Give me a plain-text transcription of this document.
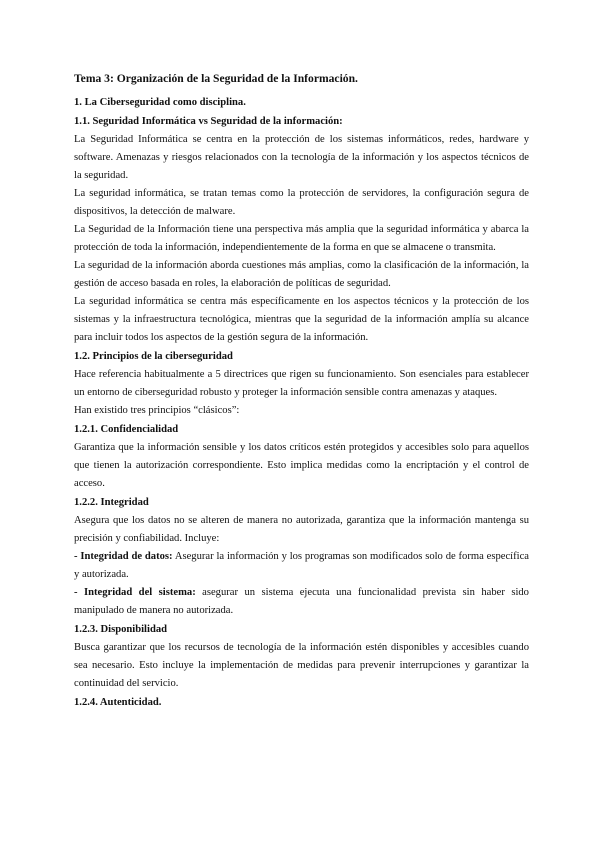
Tema 3: Organización de la Seguridad de la Información.
1. La Ciberseguridad como disciplina.
1.1. Seguridad Informática vs Seguridad de la información:
La Seguridad Informática se centra en la protección de los sistemas informáticos, redes, hardware y software. Amenazas y riesgos relacionados con la tecnología de la información y los aspectos técnicos de la seguridad.
La seguridad informática, se tratan temas como la protección de servidores, la configuración segura de dispositivos, la detección de malware.
La Seguridad de la Información tiene una perspectiva más amplia que la seguridad informática y abarca la protección de toda la información, independientemente de la forma en que se almacene o transmita.
La seguridad de la información aborda cuestiones más amplias, como la clasificación de la información, la gestión de acceso basada en roles, la elaboración de políticas de seguridad.
La seguridad informática se centra más específicamente en los aspectos técnicos y la protección de los sistemas y la infraestructura tecnológica, mientras que la seguridad de la información amplía su alcance para incluir todos los aspectos de la gestión segura de la información.
1.2. Principios de la ciberseguridad
Hace referencia habitualmente a 5 directrices que rigen su funcionamiento. Son esenciales para establecer un entorno de ciberseguridad robusto y proteger la información sensible contra amenazas y ataques.
Han existido tres principios “clásicos”:
1.2.1. Confidencialidad
Garantiza que la información sensible y los datos críticos estén protegidos y accesibles solo para aquellos que tienen la autorización correspondiente. Esto implica medidas como la encriptación y el control de acceso.
1.2.2. Integridad
Asegura que los datos no se alteren de manera no autorizada, garantiza que la información mantenga su precisión y confiabilidad. Incluye:
- Integridad de datos: Asegurar la información y los programas son modificados solo de forma específica y autorizada.
- Integridad del sistema: asegurar un sistema ejecuta una funcionalidad prevista sin haber sido manipulado de manera no autorizada.
1.2.3. Disponibilidad
Busca garantizar que los recursos de tecnología de la información estén disponibles y accesibles cuando sea necesario. Esto incluye la implementación de medidas para prevenir interrupciones y garantizar la continuidad del servicio.
1.2.4. Autenticidad.
